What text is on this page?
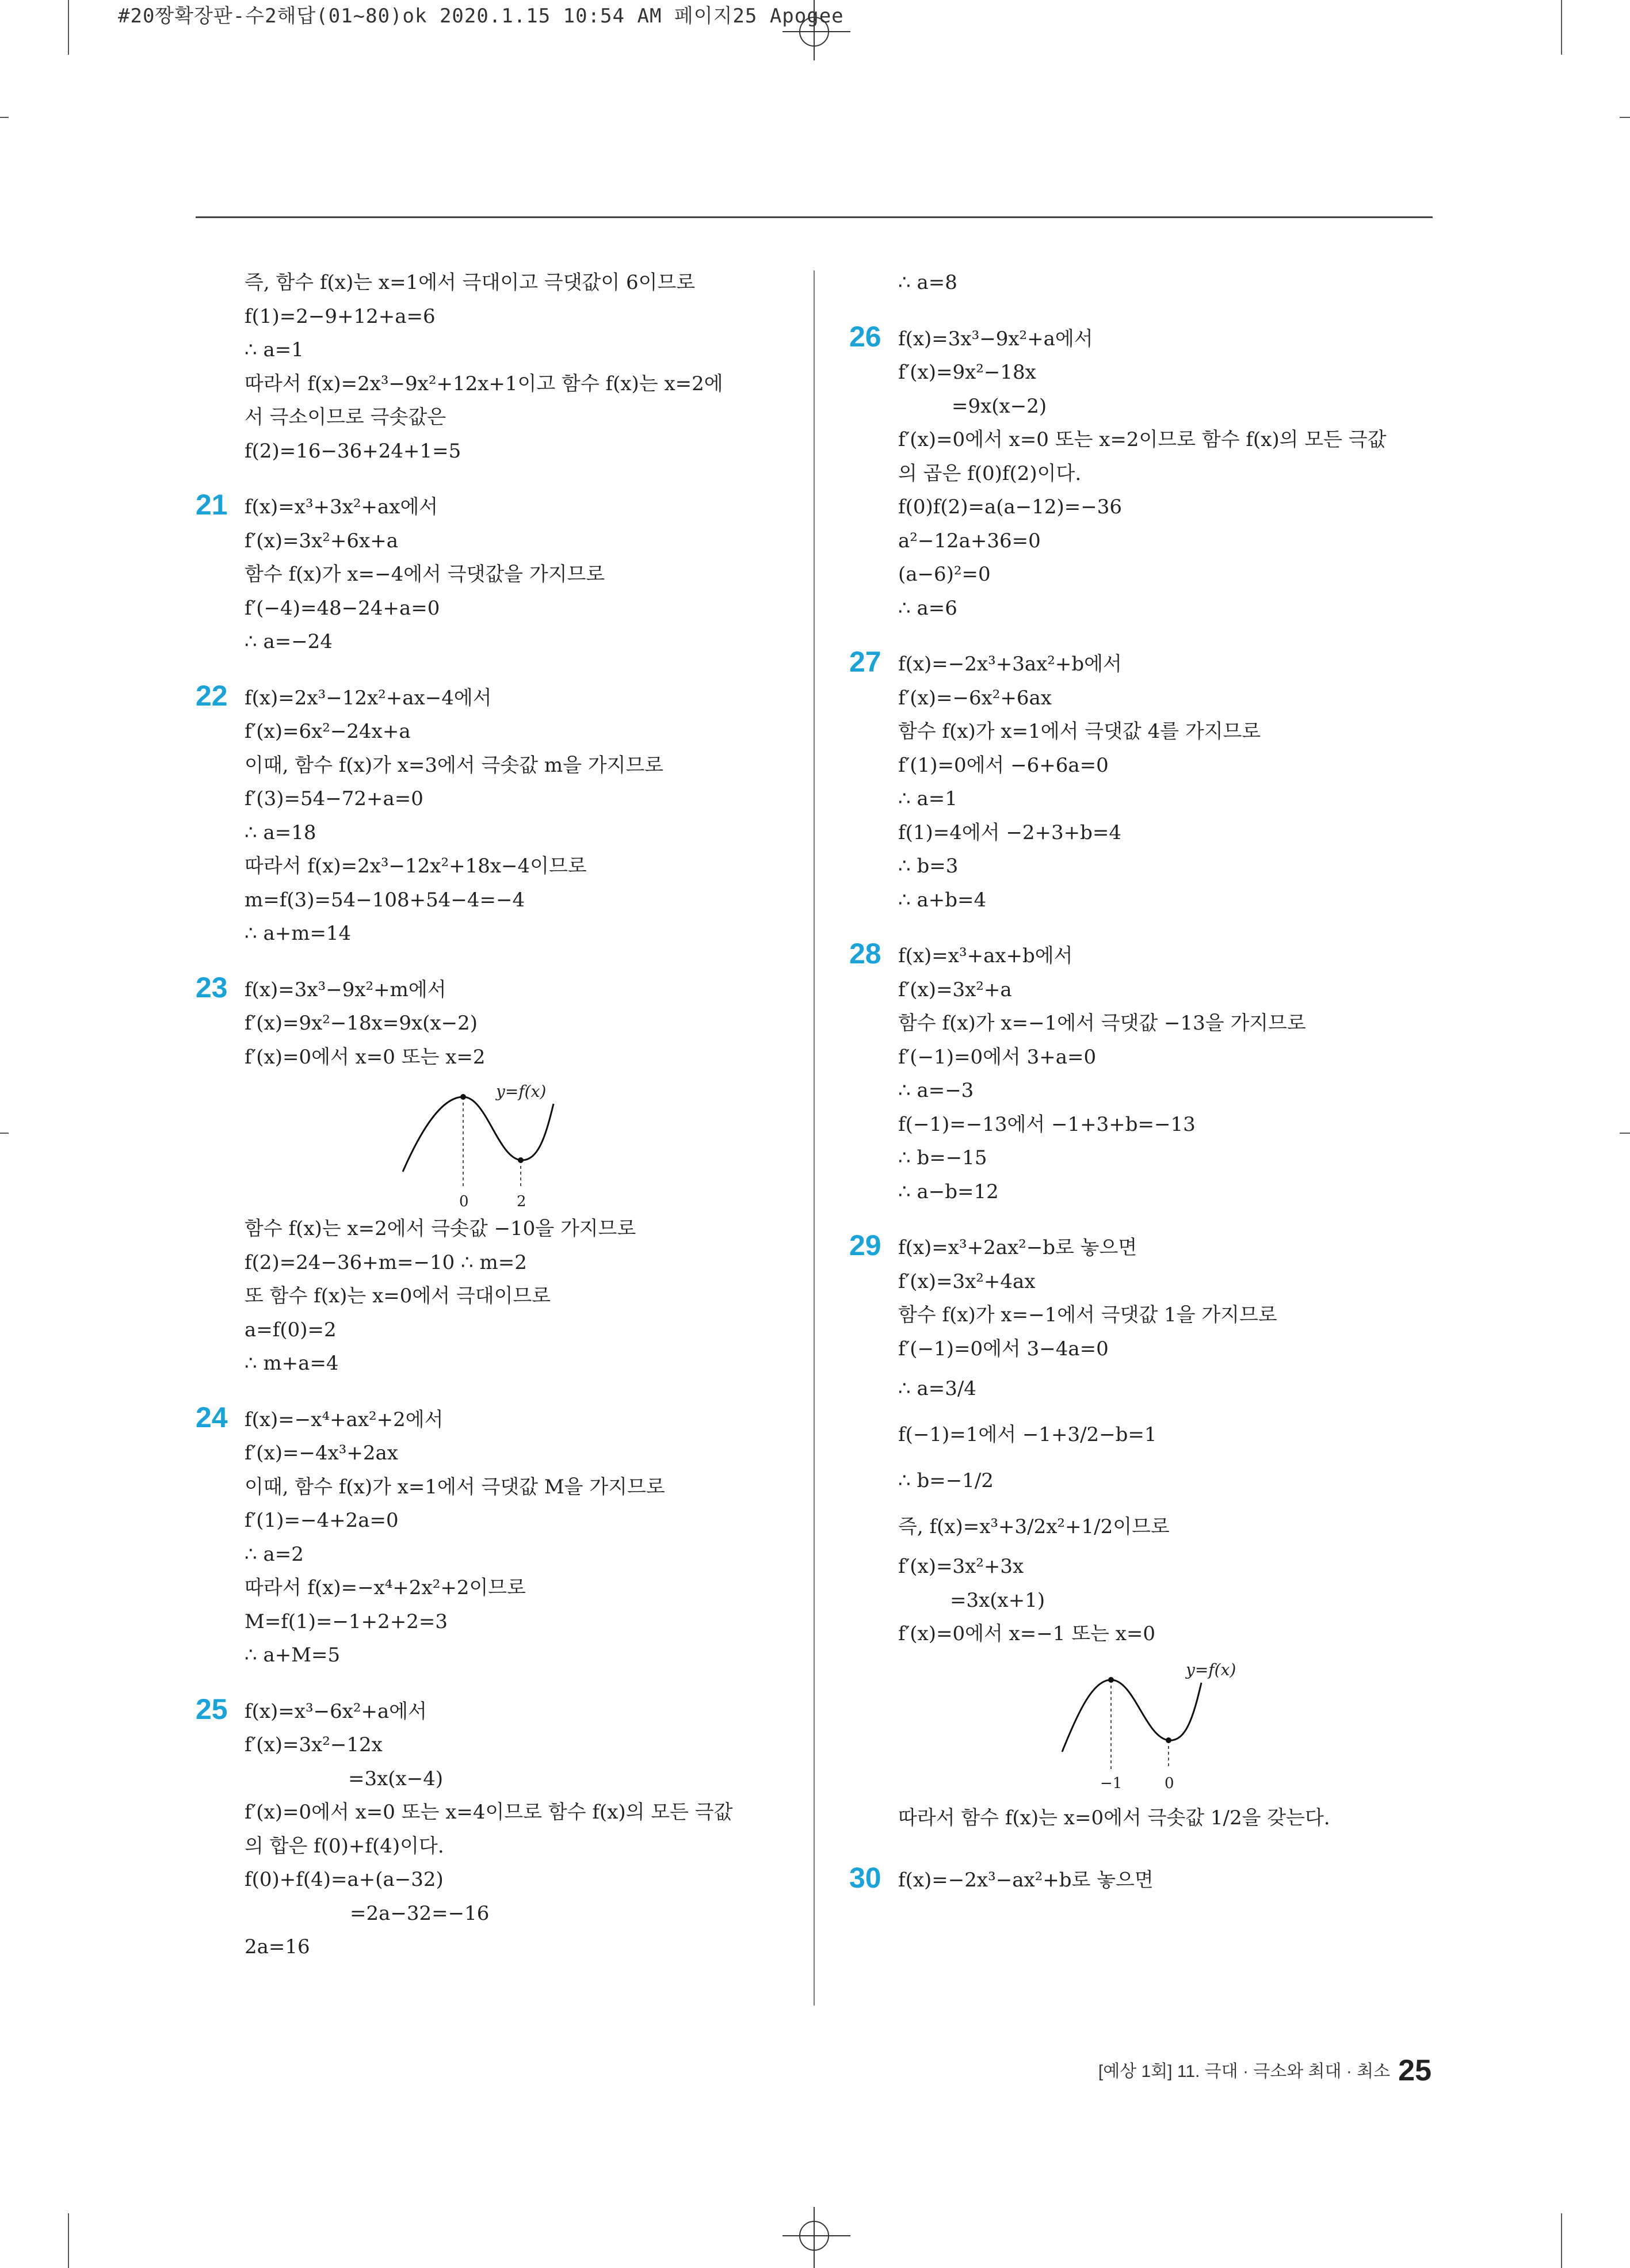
#20짱확장판-수2해답(01~80)ok 2020.1.15 10:54 AM 페이지25 Apogee
즉, 함수 f(x)는 x=1에서 극대이고 극댓값이 6이므로
f(1)=2−9+12+a=6
∴ a=1
따라서 f(x)=2x³−9x²+12x+1이고 함수 f(x)는 x=2에
서 극소이므로 극솟값은
f(2)=16−36+24+1=5
21 f(x)=x³+3x²+ax에서
f′(x)=3x²+6x+a
함수 f(x)가 x=−4에서 극댓값을 가지므로
f′(−4)=48−24+a=0
∴ a=−24
22 f(x)=2x³−12x²+ax−4에서
f′(x)=6x²−24x+a
이때, 함수 f(x)가 x=3에서 극솟값 m을 가지므로
f′(3)=54−72+a=0
∴ a=18
따라서 f(x)=2x³−12x²+18x−4이므로
m=f(3)=54−108+54−4=−4
∴ a+m=14
23 f(x)=3x³−9x²+m에서
f′(x)=9x²−18x=9x(x−2)
f′(x)=0에서 x=0 또는 x=2
y=f(x)
0	2
함수 f(x)는 x=2에서 극솟값 −10을 가지므로
f(2)=24−36+m=−10 ∴ m=2
또 함수 f(x)는 x=0에서 극대이므로
a=f(0)=2
∴ m+a=4
24 f(x)=−x⁴+ax²+2에서
f′(x)=−4x³+2ax
이때, 함수 f(x)가 x=1에서 극댓값 M을 가지므로
f′(1)=−4+2a=0
∴ a=2
따라서 f(x)=−x⁴+2x²+2이므로
M=f(1)=−1+2+2=3
∴ a+M=5
25 f(x)=x³−6x²+a에서
f′(x)=3x²−12x
=3x(x−4)
f′(x)=0에서 x=0 또는 x=4이므로 함수 f(x)의 모든 극값
의 합은 f(0)+f(4)이다.
f(0)+f(4)=a+(a−32)
=2a−32=−16
2a=16
∴ a=8
26 f(x)=3x³−9x²+a에서
f′(x)=9x²−18x
=9x(x−2)
f′(x)=0에서 x=0 또는 x=2이므로 함수 f(x)의 모든 극값
의 곱은 f(0)f(2)이다.
f(0)f(2)=a(a−12)=−36
a²−12a+36=0
(a−6)²=0
∴ a=6
27 f(x)=−2x³+3ax²+b에서
f′(x)=−6x²+6ax
함수 f(x)가 x=1에서 극댓값 4를 가지므로
f′(1)=0에서 −6+6a=0
∴ a=1
f(1)=4에서 −2+3+b=4
∴ b=3
∴ a+b=4
28 f(x)=x³+ax+b에서
f′(x)=3x²+a
함수 f(x)가 x=−1에서 극댓값 −13을 가지므로
f′(−1)=0에서 3+a=0
∴ a=−3
f(−1)=−13에서 −1+3+b=−13
∴ b=−15
∴ a−b=12
29 f(x)=x³+2ax²−b로 놓으면
f′(x)=3x²+4ax
함수 f(x)가 x=−1에서 극댓값 1을 가지므로
f′(−1)=0에서 3−4a=0
∴ a=3/4
f(−1)=1에서 −1+3/2−b=1
∴ b=−1/2
즉, f(x)=x³+3/2x²+1/2이므로
f′(x)=3x²+3x
=3x(x+1)
f′(x)=0에서 x=−1 또는 x=0
y=f(x)
−1	0
따라서 함수 f(x)는 x=0에서 극솟값 1/2을 갖는다.
30 f(x)=−2x³−ax²+b로 놓으면
[예상 1회] 11. 극대 · 극소와 최대 · 최소 25
